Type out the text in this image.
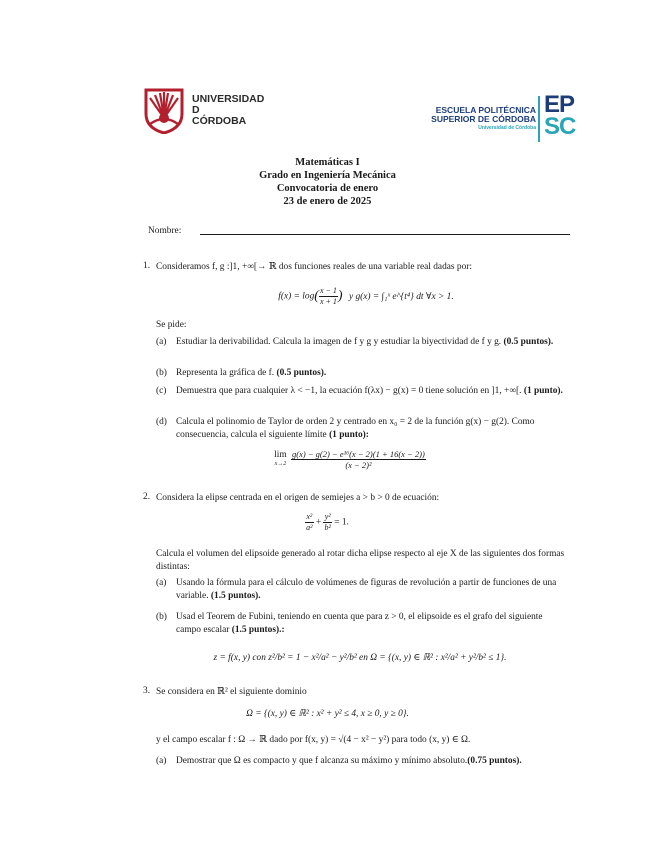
UNIVERSIDAD
D
CÓRDOBA
ESCUELA POLITÉCNICA
SUPERIOR DE CÓRDOBA
Universidad de Córdoba
EP
SC
Matemáticas I
Grado en Ingeniería Mecánica
Convocatoria de enero
23 de enero de 2025
Nombre:
1. Consideramos f, g :]1, +∞[→ ℝ dos funciones reales de una variable real dadas por:
$f(x) = \log( \frac{x - 1}{x + 1}$ ) y g(x) = ∫₁ˣ e^{t⁴} dt ∀x > 1.
Se pide:
(a) Estudiar la derivabilidad. Calcula la imagen de f y g y estudiar la biyectividad de f y g. (0.5 puntos).
(b) Representa la gráfica de f. (0.5 puntos).
(c) Demuestra que para cualquier λ < −1, la ecuación f(λx) − g(x) = 0 tiene solución en ]1, +∞[. (1 punto).
(d) Calcula el polinomio de Taylor de orden 2 y centrado en x₀ = 2 de la función g(x) − g(2). Como consecuencia, calcula el siguiente límite (1 punto):
lim
x→2
$\frac{\text{g(x) − g(2) − e¹⁶(x − 2)(1 + 16(x − 2))}}{\text{(x − 2)²}}$
2. Considera la elipse centrada en el origen de semiejes a > b > 0 de ecuación:
$\frac{\text{x²}}{\text{a²}} + \frac{\text{y²}}{\text{b²}} = 1$.
Calcula el volumen del elipsoide generado al rotar dicha elipse respecto al eje X de las siguientes dos formas distintas:
(a) Usando la fórmula para el cálculo de volúmenes de figuras de revolución a partir de funciones de una variable. (1.5 puntos).
(b) Usad el Teorem de Fubini, teniendo en cuenta que para z > 0, el elipsoide es el grafo del siguiente campo escalar (1.5 puntos).:
z = f(x, y) con z²/b² = 1 − x²/a² − y²/b² en Ω = {(x, y) ∈ ℝ² : x²/a² + y²/b² ≤ 1}.
3. Se considera en ℝ² el siguiente dominio
Ω = {(x, y) ∈ ℝ² : x² + y² ≤ 4, x ≥ 0, y ≥ 0}.
y el campo escalar f : Ω → ℝ dado por f(x, y) = √(4 − x² − y²) para todo (x, y) ∈ Ω.
(a) Demostrar que Ω es compacto y que f alcanza su máximo y mínimo absoluto.(0.75 puntos).
